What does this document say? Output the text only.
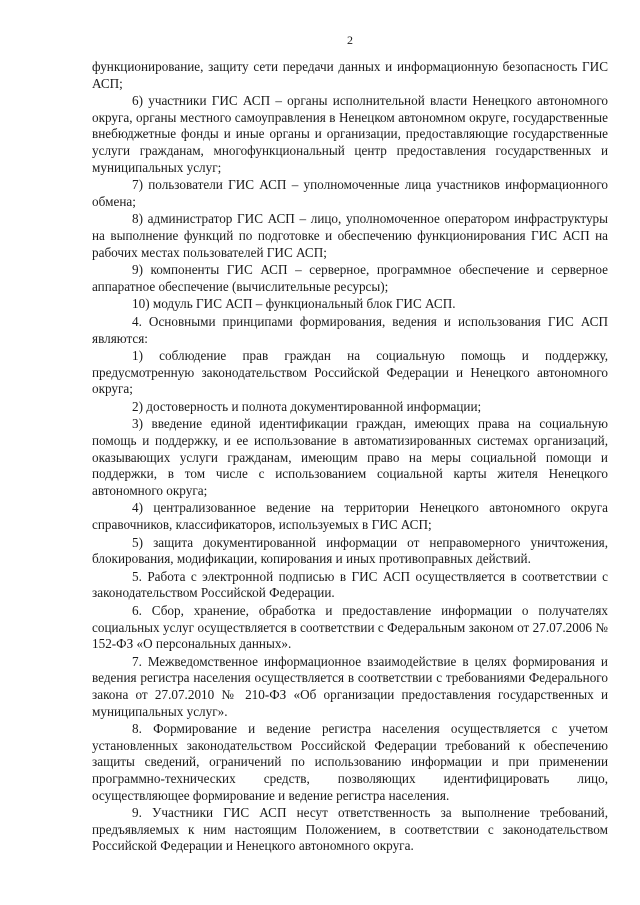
2

функционирование, защиту сети передачи данных и информационную безопасность ГИС АСП;

6) участники ГИС АСП – органы исполнительной власти Ненецкого автономного округа, органы местного самоуправления в Ненецком автономном округе, государственные внебюджетные фонды и иные органы и организации, предоставляющие государственные услуги гражданам, многофункциональный центр предоставления государственных и муниципальных услуг;

7) пользователи ГИС АСП – уполномоченные лица участников информационного обмена;

8) администратор ГИС АСП – лицо, уполномоченное оператором инфраструктуры на выполнение функций по подготовке и обеспечению функционирования ГИС АСП на рабочих местах пользователей ГИС АСП;

9) компоненты ГИС АСП – серверное, программное обеспечение и серверное аппаратное обеспечение (вычислительные ресурсы);

10) модуль ГИС АСП – функциональный блок ГИС АСП.

4. Основными принципами формирования, ведения и использования ГИС АСП являются:

1) соблюдение прав граждан на социальную помощь и поддержку, предусмотренную законодательством Российской Федерации и Ненецкого автономного округа;

2) достоверность и полнота документированной информации;

3) введение единой идентификации граждан, имеющих права на социальную помощь и поддержку, и ее использование в автоматизированных системах организаций, оказывающих услуги гражданам, имеющим право на меры социальной помощи и поддержки, в том числе с использованием социальной карты жителя Ненецкого автономного округа;

4) централизованное ведение на территории Ненецкого автономного округа справочников, классификаторов, используемых в ГИС АСП;

5) защита документированной информации от неправомерного уничтожения, блокирования, модификации, копирования и иных противоправных действий.

5. Работа с электронной подписью в ГИС АСП осуществляется в соответствии с законодательством Российской Федерации.

6. Сбор, хранение, обработка и предоставление информации о получателях социальных услуг осуществляется в соответствии с Федеральным законом от 27.07.2006 № 152-ФЗ «О персональных данных».

7. Межведомственное информационное взаимодействие в целях формирования и ведения регистра населения осуществляется в соответствии с требованиями Федерального закона от 27.07.2010 № 210-ФЗ «Об организации предоставления государственных и муниципальных услуг».

8. Формирование и ведение регистра населения осуществляется с учетом установленных законодательством Российской Федерации требований к обеспечению защиты сведений, ограничений по использованию информации и при применении программно-технических средств, позволяющих идентифицировать лицо, осуществляющее формирование и ведение регистра населения.

9. Участники ГИС АСП несут ответственность за выполнение требований, предъявляемых к ним настоящим Положением, в соответствии с законодательством Российской Федерации и Ненецкого автономного округа.
